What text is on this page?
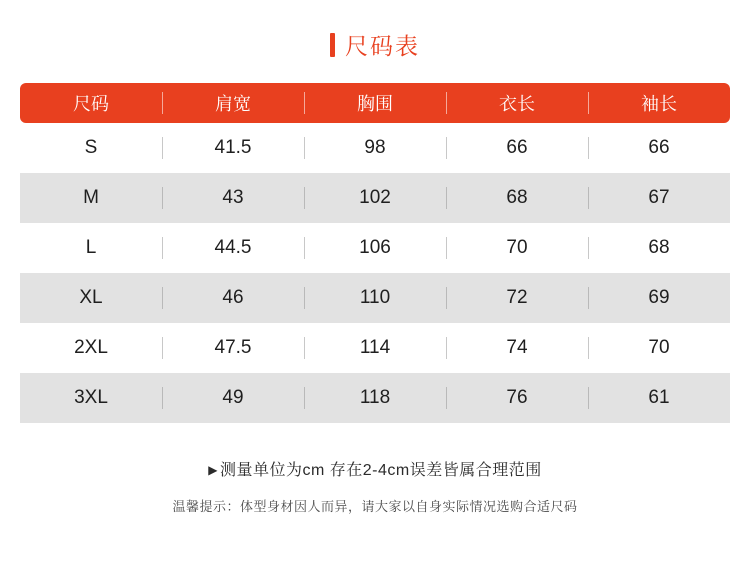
尺码表
尺码	肩宽	胸围	衣长	袖长
S	41.5	98	66	66
M	43	102	68	67
L	44.5	106	70	68
XL	46	110	72	69
2XL	47.5	114	74	70
3XL	49	118	76	61
▶ 测量单位为cm 存在2-4cm误差皆属合理范围
温馨提示：体型身材因人而异，请大家以自身实际情况选购合适尺码
